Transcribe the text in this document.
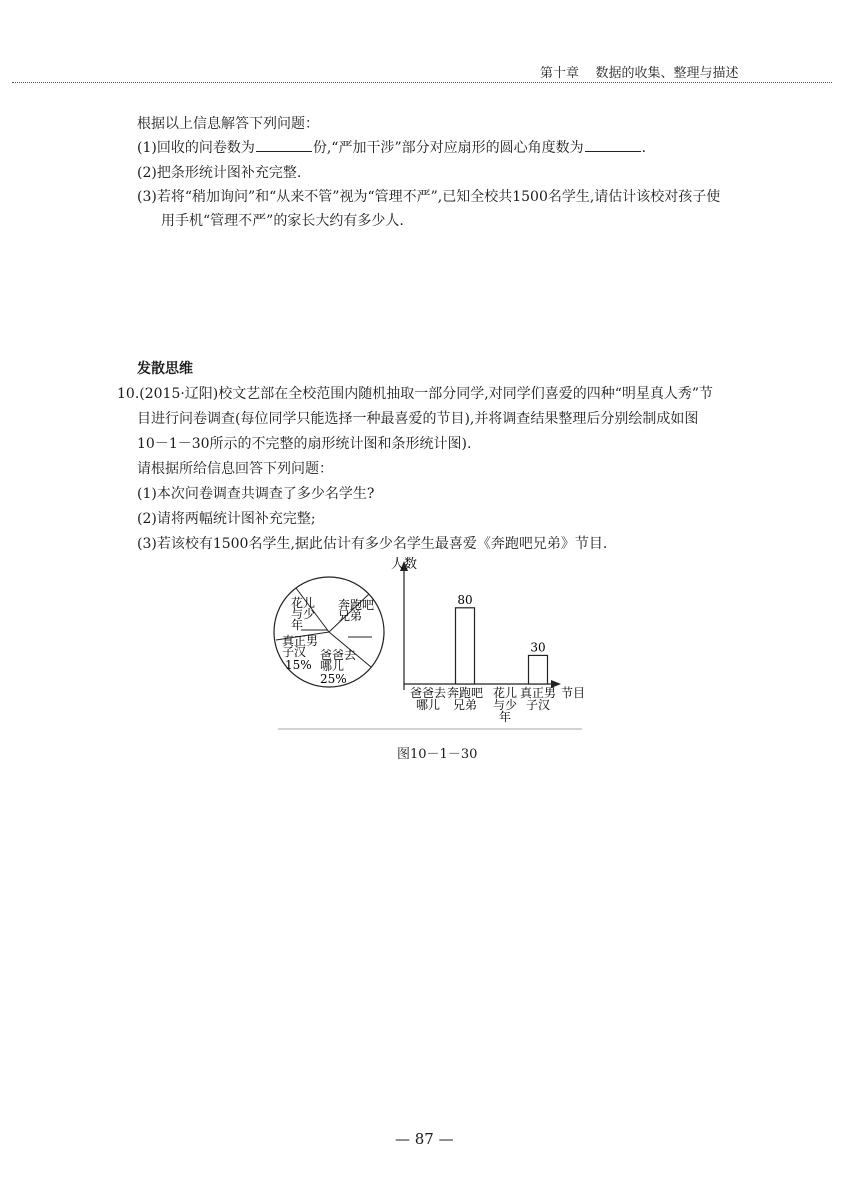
第十章 数据的收集、整理与描述
根据以上信息解答下列问题：
(1)回收的问卷数为	份,“严加干涉”部分对应扇形的圆心角度数为	.
(2)把条形统计图补充完整.
(3)若将“稍加询问”和“从来不管”视为“管理不严”,已知全校共1500名学生,请估计该校对孩子使
用手机“管理不严”的家长大约有多少人.
发散思维
10.(2015·辽阳)校文艺部在全校范围内随机抽取一部分同学,对同学们喜爱的四种“明星真人秀”节
目进行问卷调查(每位同学只能选择一种最喜爱的节目),并将调查结果整理后分别绘制成如图
10－1－30所示的不完整的扇形统计图和条形统计图).
请根据所给信息回答下列问题：
(1)本次问卷调查共调查了多少名学生?
(2)请将两幅统计图补充完整;
(3)若该校有1500名学生,据此估计有多少名学生最喜爱《奔跑吧兄弟》节目.
花儿
与少
年
奔跑吧
兄弟
爸爸去
哪儿
25%
真正男
子汉
15%
人数
节目
爸爸去
哪儿
80
奔跑吧
兄弟
花儿
与少
年
30
真正男
子汉
图10－1－30
— 87 —
